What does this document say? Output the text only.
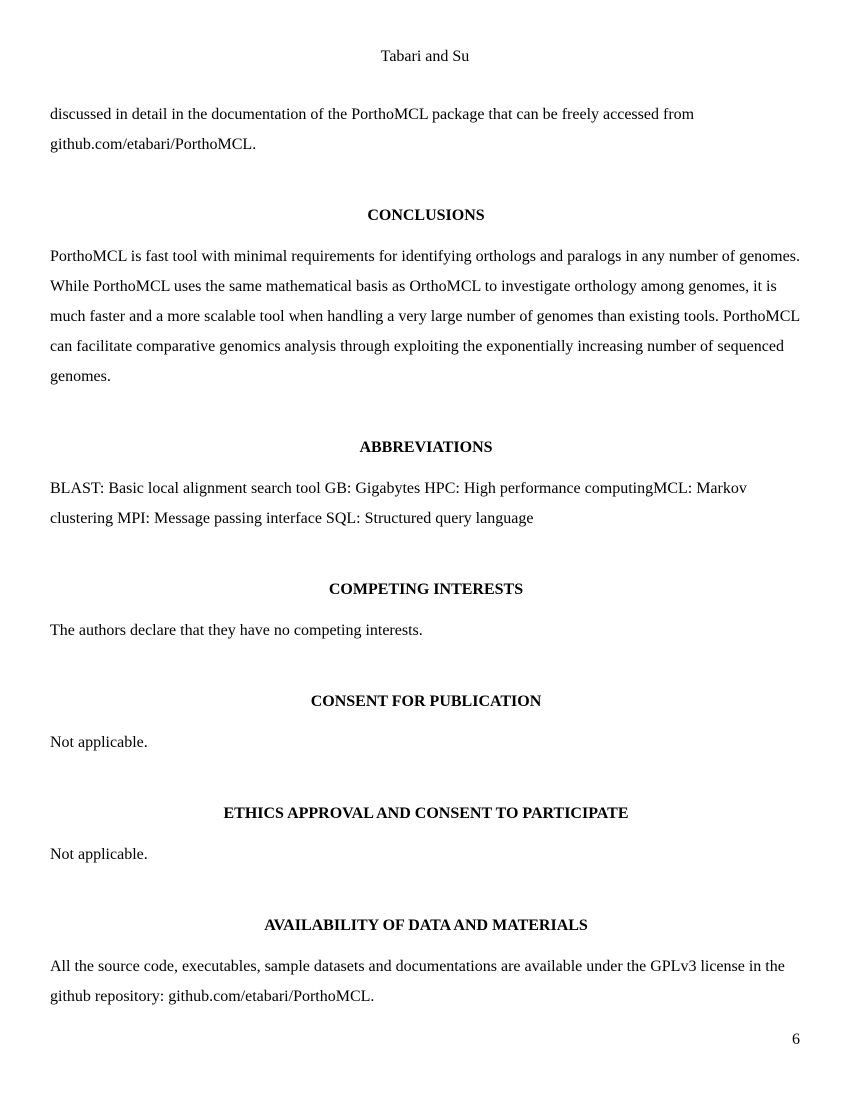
Tabari and Su

discussed in detail in the documentation of the PorthoMCL package that can be freely accessed from github.com/etabari/PorthoMCL.

CONCLUSIONS

PorthoMCL is fast tool with minimal requirements for identifying orthologs and paralogs in any number of genomes. While PorthoMCL uses the same mathematical basis as OrthoMCL to investigate orthology among genomes, it is much faster and a more scalable tool when handling a very large number of genomes than existing tools. PorthoMCL can facilitate comparative genomics analysis through exploiting the exponentially increasing number of sequenced genomes.

ABBREVIATIONS

BLAST: Basic local alignment search tool GB: Gigabytes HPC: High performance computingMCL: Markov clustering MPI: Message passing interface SQL: Structured query language

COMPETING INTERESTS

The authors declare that they have no competing interests.

CONSENT FOR PUBLICATION

Not applicable.

ETHICS APPROVAL AND CONSENT TO PARTICIPATE

Not applicable.

AVAILABILITY OF DATA AND MATERIALS

All the source code, executables, sample datasets and documentations are available under the GPLv3 license in the github repository: github.com/etabari/PorthoMCL.

6
